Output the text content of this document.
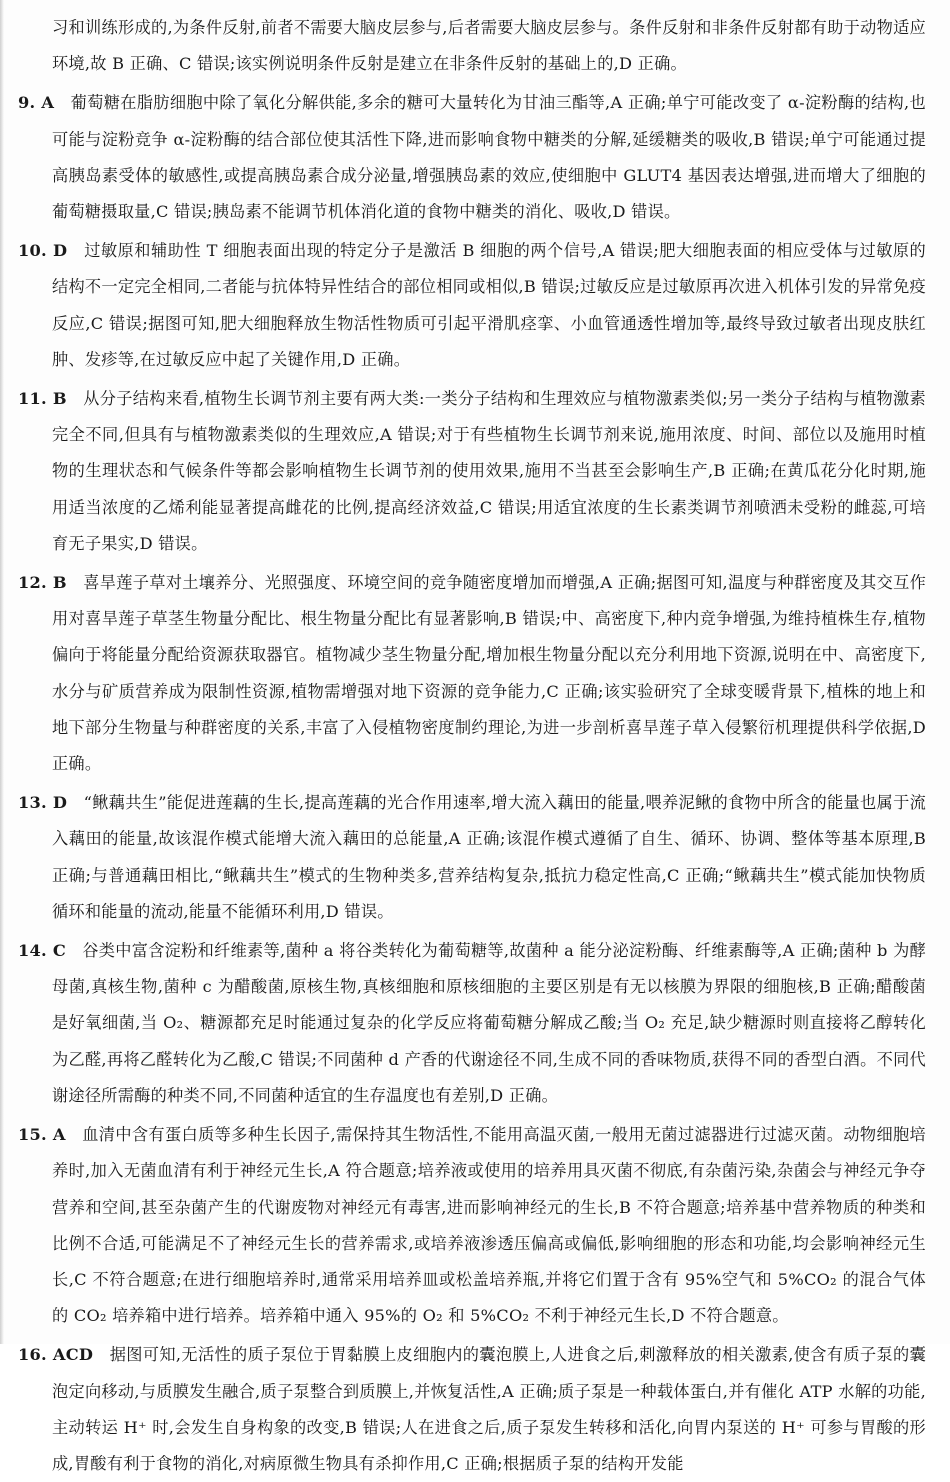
习和训练形成的,为条件反射,前者不需要大脑皮层参与,后者需要大脑皮层参与。条件反射和非条件反射都有助于动物适应环境,故 B 正确、C 错误;该实例说明条件反射是建立在非条件反射的基础上的,D 正确。

9. A 葡萄糖在脂肪细胞中除了氧化分解供能,多余的糖可大量转化为甘油三酯等,A 正确;单宁可能改变了 α-淀粉酶的结构,也可能与淀粉竞争 α-淀粉酶的结合部位使其活性下降,进而影响食物中糖类的分解,延缓糖类的吸收,B 错误;单宁可能通过提高胰岛素受体的敏感性,或提高胰岛素合成分泌量,增强胰岛素的效应,使细胞中 GLUT4 基因表达增强,进而增大了细胞的葡萄糖摄取量,C 错误;胰岛素不能调节机体消化道的食物中糖类的消化、吸收,D 错误。

10. D 过敏原和辅助性 T 细胞表面出现的特定分子是激活 B 细胞的两个信号,A 错误;肥大细胞表面的相应受体与过敏原的结构不一定完全相同,二者能与抗体特异性结合的部位相同或相似,B 错误;过敏反应是过敏原再次进入机体引发的异常免疫反应,C 错误;据图可知,肥大细胞释放生物活性物质可引起平滑肌痉挛、小血管通透性增加等,最终导致过敏者出现皮肤红肿、发疹等,在过敏反应中起了关键作用,D 正确。

11. B 从分子结构来看,植物生长调节剂主要有两大类:一类分子结构和生理效应与植物激素类似;另一类分子结构与植物激素完全不同,但具有与植物激素类似的生理效应,A 错误;对于有些植物生长调节剂来说,施用浓度、时间、部位以及施用时植物的生理状态和气候条件等都会影响植物生长调节剂的使用效果,施用不当甚至会影响生产,B 正确;在黄瓜花分化时期,施用适当浓度的乙烯利能显著提高雌花的比例,提高经济效益,C 错误;用适宜浓度的生长素类调节剂喷洒未受粉的雌蕊,可培育无子果实,D 错误。

12. B 喜旱莲子草对土壤养分、光照强度、环境空间的竞争随密度增加而增强,A 正确;据图可知,温度与种群密度及其交互作用对喜旱莲子草茎生物量分配比、根生物量分配比有显著影响,B 错误;中、高密度下,种内竞争增强,为维持植株生存,植物偏向于将能量分配给资源获取器官。植物减少茎生物量分配,增加根生物量分配以充分利用地下资源,说明在中、高密度下,水分与矿质营养成为限制性资源,植物需增强对地下资源的竞争能力,C 正确;该实验研究了全球变暖背景下,植株的地上和地下部分生物量与种群密度的关系,丰富了入侵植物密度制约理论,为进一步剖析喜旱莲子草入侵繁衍机理提供科学依据,D 正确。

13. D “鳅藕共生”能促进莲藕的生长,提高莲藕的光合作用速率,增大流入藕田的能量,喂养泥鳅的食物中所含的能量也属于流入藕田的能量,故该混作模式能增大流入藕田的总能量,A 正确;该混作模式遵循了自生、循环、协调、整体等基本原理,B 正确;与普通藕田相比,“鳅藕共生”模式的生物种类多,营养结构复杂,抵抗力稳定性高,C 正确;“鳅藕共生”模式能加快物质循环和能量的流动,能量不能循环利用,D 错误。

14. C 谷类中富含淀粉和纤维素等,菌种 a 将谷类转化为葡萄糖等,故菌种 a 能分泌淀粉酶、纤维素酶等,A 正确;菌种 b 为酵母菌,真核生物,菌种 c 为醋酸菌,原核生物,真核细胞和原核细胞的主要区别是有无以核膜为界限的细胞核,B 正确;醋酸菌是好氧细菌,当 O₂、糖源都充足时能通过复杂的化学反应将葡萄糖分解成乙酸;当 O₂ 充足,缺少糖源时则直接将乙醇转化为乙醛,再将乙醛转化为乙酸,C 错误;不同菌种 d 产香的代谢途径不同,生成不同的香味物质,获得不同的香型白酒。不同代谢途径所需酶的种类不同,不同菌种适宜的生存温度也有差别,D 正确。

15. A 血清中含有蛋白质等多种生长因子,需保持其生物活性,不能用高温灭菌,一般用无菌过滤器进行过滤灭菌。动物细胞培养时,加入无菌血清有利于神经元生长,A 符合题意;培养液或使用的培养用具灭菌不彻底,有杂菌污染,杂菌会与神经元争夺营养和空间,甚至杂菌产生的代谢废物对神经元有毒害,进而影响神经元的生长,B 不符合题意;培养基中营养物质的种类和比例不合适,可能满足不了神经元生长的营养需求,或培养液渗透压偏高或偏低,影响细胞的形态和功能,均会影响神经元生长,C 不符合题意;在进行细胞培养时,通常采用培养皿或松盖培养瓶,并将它们置于含有 95%空气和 5%CO₂ 的混合气体的 CO₂ 培养箱中进行培养。培养箱中通入 95%的 O₂ 和 5%CO₂ 不利于神经元生长,D 不符合题意。

16. ACD 据图可知,无活性的质子泵位于胃黏膜上皮细胞内的囊泡膜上,人进食之后,刺激释放的相关激素,使含有质子泵的囊泡定向移动,与质膜发生融合,质子泵整合到质膜上,并恢复活性,A 正确;质子泵是一种载体蛋白,并有催化 ATP 水解的功能,主动转运 H⁺ 时,会发生自身构象的改变,B 错误;人在进食之后,质子泵发生转移和活化,向胃内泵送的 H⁺ 可参与胃酸的形成,胃酸有利于食物的消化,对病原微生物具有杀抑作用,C 正确;根据质子泵的结构开发能
